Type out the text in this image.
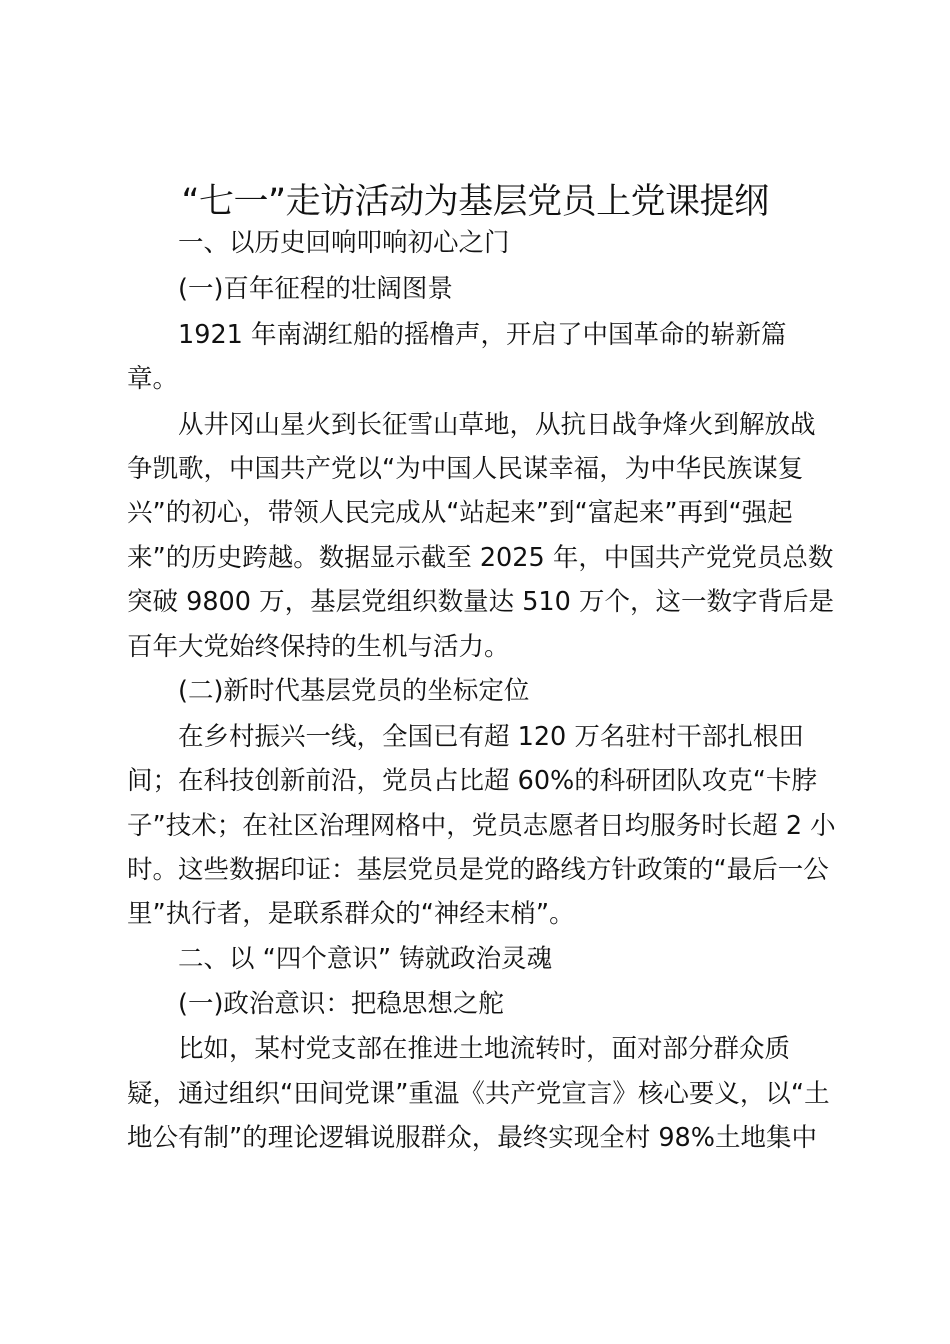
“七一”走访活动为基层党员上党课提纲
一、以历史回响叩响初心之门
(一)百年征程的壮阔图景
1921 年南湖红船的摇橹声，开启了中国革命的崭新篇
章。
从井冈山星火到长征雪山草地，从抗日战争烽火到解放战
争凯歌，中国共产党以“为中国人民谋幸福，为中华民族谋复
兴”的初心，带领人民完成从“站起来”到“富起来”再到“强起
来”的历史跨越。数据显示截至 2025 年，中国共产党党员总数
突破 9800 万，基层党组织数量达 510 万个，这一数字背后是
百年大党始终保持的生机与活力。
(二)新时代基层党员的坐标定位
在乡村振兴一线，全国已有超 120 万名驻村干部扎根田
间；在科技创新前沿，党员占比超 60%的科研团队攻克“卡脖
子”技术；在社区治理网格中，党员志愿者日均服务时长超 2 小
时。这些数据印证：基层党员是党的路线方针政策的“最后一公
里”执行者，是联系群众的“神经末梢”。
二、以 “四个意识” 铸就政治灵魂
(一)政治意识：把稳思想之舵
比如，某村党支部在推进土地流转时，面对部分群众质
疑，通过组织“田间党课”重温《共产党宣言》核心要义，以“土
地公有制”的理论逻辑说服群众，最终实现全村 98%土地集中
